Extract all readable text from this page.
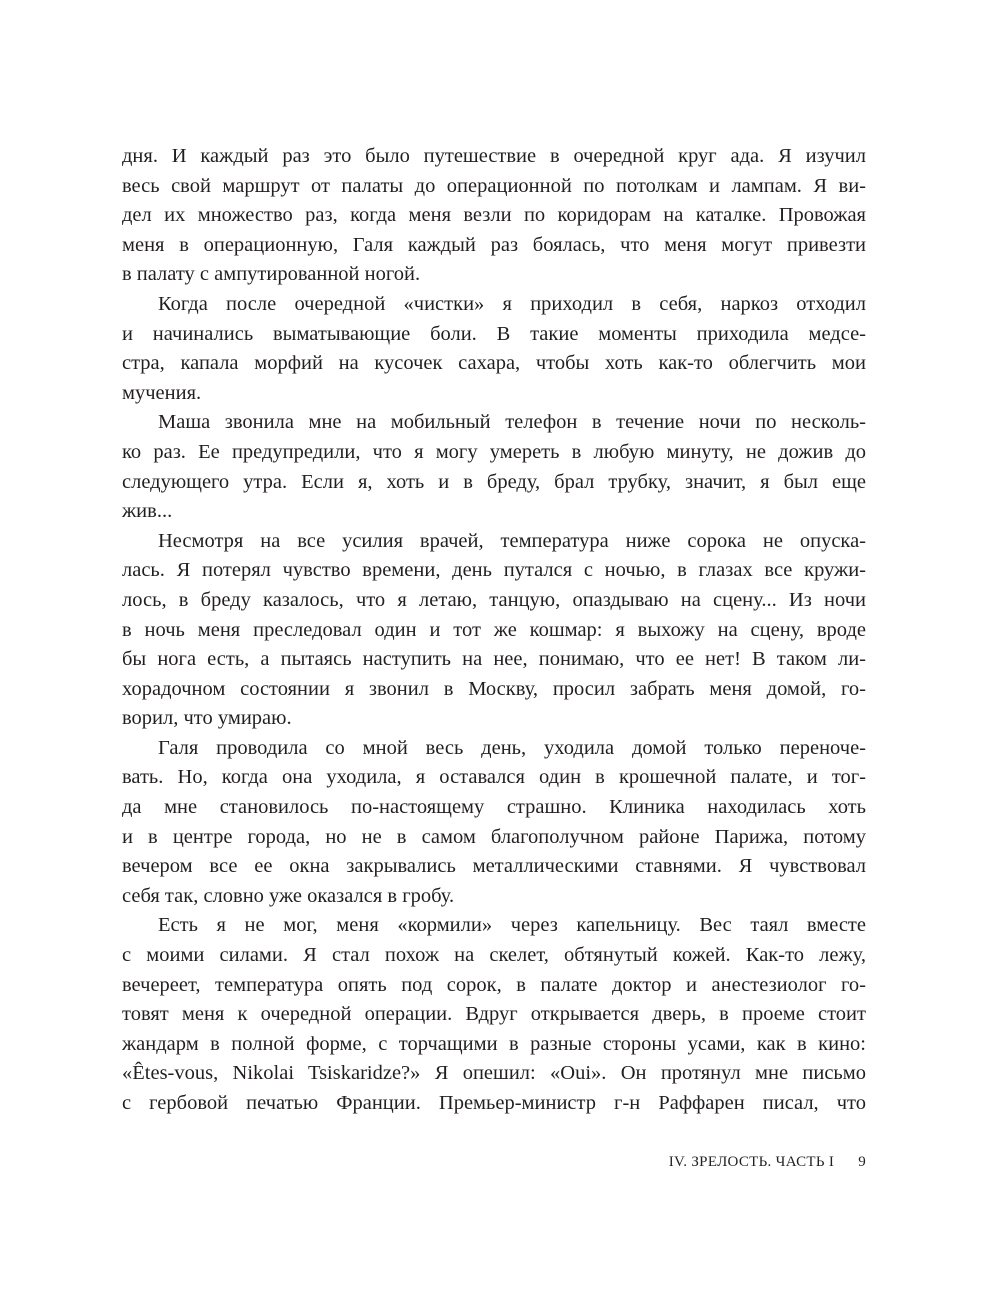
дня. И каждый раз это было путешествие в очередной круг ада. Я изучил
весь свой маршрут от палаты до операционной по потолкам и лампам. Я ви-
дел их множество раз, когда меня везли по коридорам на каталке. Провожая
меня в операционную, Галя каждый раз боялась, что меня могут привезти
в палату с ампутированной ногой.
Когда после очередной «чистки» я приходил в себя, наркоз отходил
и начинались выматывающие боли. В такие моменты приходила медсе-
стра, капала морфий на кусочек сахара, чтобы хоть как-то облегчить мои
мучения.
Маша звонила мне на мобильный телефон в течение ночи по несколь-
ко раз. Ее предупредили, что я могу умереть в любую минуту, не дожив до
следующего утра. Если я, хоть и в бреду, брал трубку, значит, я был еще
жив...
Несмотря на все усилия врачей, температура ниже сорока не опуска-
лась. Я потерял чувство времени, день путался с ночью, в глазах все кружи-
лось, в бреду казалось, что я летаю, танцую, опаздываю на сцену... Из ночи
в ночь меня преследовал один и тот же кошмар: я выхожу на сцену, вроде
бы нога есть, а пытаясь наступить на нее, понимаю, что ее нет! В таком ли-
хорадочном состоянии я звонил в Москву, просил забрать меня домой, го-
ворил, что умираю.
Галя проводила со мной весь день, уходила домой только переноче-
вать. Но, когда она уходила, я оставался один в крошечной палате, и тог-
да мне становилось по-настоящему страшно. Клиника находилась хоть
и в центре города, но не в самом благополучном районе Парижа, потому
вечером все ее окна закрывались металлическими ставнями. Я чувствовал
себя так, словно уже оказался в гробу.
Есть я не мог, меня «кормили» через капельницу. Вес таял вместе
с моими силами. Я стал похож на скелет, обтянутый кожей. Как-то лежу,
вечереет, температура опять под сорок, в палате доктор и анестезиолог го-
товят меня к очередной операции. Вдруг открывается дверь, в проеме стоит
жандарм в полной форме, с торчащими в разные стороны усами, как в кино:
«Êtes-vous, Nikolai Tsiskaridze?» Я опешил: «Oui». Он протянул мне письмо
с гербовой печатью Франции. Премьер-министр г-н Раффарен писал, что
IV. ЗРЕЛОСТЬ. ЧАСТЬ I 9
